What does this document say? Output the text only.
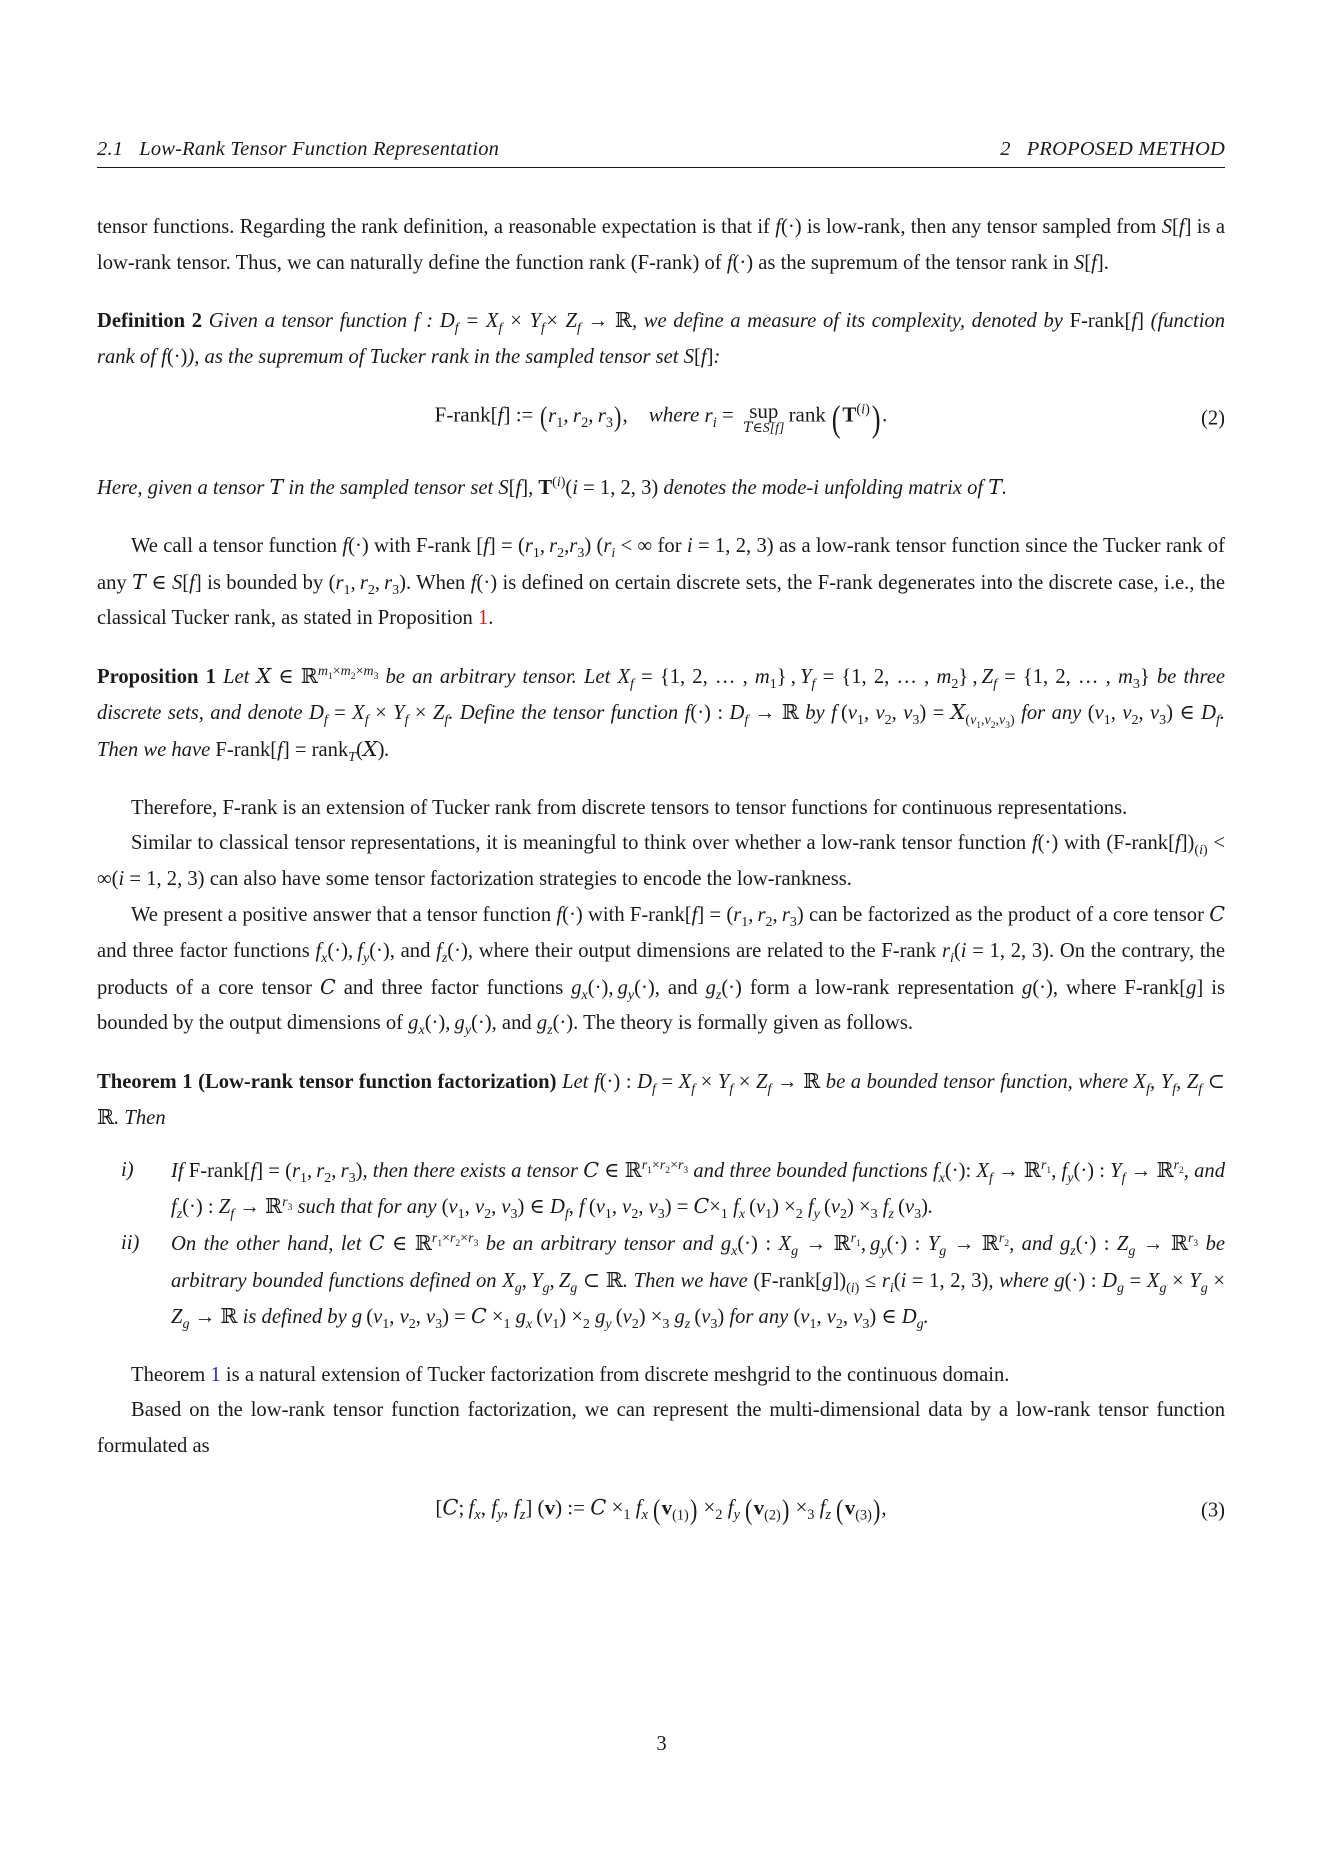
2.1 Low-Rank Tensor Function Representation	2 PROPOSED METHOD

tensor functions. Regarding the rank definition, a reasonable expectation is that if f(·) is low-rank, then any tensor sampled from S[f] is a low-rank tensor. Thus, we can naturally define the function rank (F-rank) of f(·) as the supremum of the tensor rank in S[f].

Definition 2 Given a tensor function f : $D_f = X_f \times Y_f\times Z_f$ → ℝ, we define a measure of its complexity, denoted by F-rank[f] (function rank of f(·)), as the supremum of Tucker rank in the sampled tensor set S[f]:

F-rank[f] := ($r_1$, $r_2$, $r_3$), where $r_i$ =   sup
T∈S[f]
 rank $(T^{(i)})$.	(2)

Here, given a tensor T in the sampled tensor set S[f], $T^{(i)}(i = 1$, 2, 3) denotes the mode-i unfolding matrix of T.

We call a tensor function f(·) with F-rank $[f] = (r_1$, $r_2,r_3$) ($r_i$ < ∞ for i = 1, 2, 3) as a low-rank tensor function since the Tucker rank of any T ∈ S[f] is bounded by ($r_1$, $r_2$, $r_3$). When f(·) is defined on certain discrete sets, the F-rank degenerates into the discrete case, i.e., the classical Tucker rank, as stated in Proposition 1.

Proposition 1 Let X ∈ ℝ$^{m_1\times m_2\times m_3}$ be an arbitrary tensor. Let $X_f = \{1$, 2, … , $m_1$} , $Y_f = \{1$, 2, … , $m_2$} , $Z_f = \{1$, 2, … , $m_3$} be three discrete sets, and denote $D_f = X_f \times Y_f \times Z_f$. Define the tensor function f(·) : $D_f$ → ℝ by f ($v_1$, $v_2$, $v_3) = X_{(v_1,v_2,v_3)}$ for any ($v_1$, $v_2$, $v_3$) ∈ $D_f$. Then we have F-rank[f] = rank$_T$(X).

Therefore, F-rank is an extension of Tucker rank from discrete tensors to tensor functions for continuous representations.

Similar to classical tensor representations, it is meaningful to think over whether a low-rank tensor function f(·) with $(F-rank[f])_{(i)} < \infty(i = 1$, 2, 3) can also have some tensor factorization strategies to encode the low-rankness.

We present a positive answer that a tensor function f(·) with F-rank[f] = ($r_1$, $r_2$, $r_3$) can be factorized as the product of a core tensor C and three factor functions $f_x(\cdot)$, $f_y(\cdot)$, and $f_z(\cdot)$, where their output dimensions are related to the F-rank $r_i(i = 1$, 2, 3). On the contrary, the products of a core tensor C and three factor functions $g_x(\cdot)$, $g_y(\cdot)$, and $g_z(\cdot)$ form a low-rank representation g(·), where F-rank[g] is bounded by the output dimensions of $g_x(\cdot)$, $g_y(\cdot)$, and $g_z(\cdot)$. The theory is formally given as follows.

Theorem 1 (Low-rank tensor function factorization) Let f(·) : $D_f = X_f \times Y_f \times Z_f$ → ℝ be a bounded tensor function, where $X_f$, $Y_f$, $Z_f$ ⊂ ℝ. Then

i)	If F-rank[f] = ($r_1$, $r_2$, $r_3$), then there exists a tensor C ∈ ℝ$^{r_1\times r_2\times r_3}$ and three bounded functions $f_x(\cdot)$: $X_f$ → ℝ$^{r_1}$, $f_y(\cdot)$ : $Y_f$ → ℝ$^{r_2}$, and $f_z(\cdot)$ : $Z_f$ → ℝ$^{r_3}$ such that for any ($v_1$, $v_2$, $v_3$) ∈ $D_f$, f ($v_1$, $v_2$, $v_3) = C\times_1$ $f_x$ $(v_1) \times_2$ $f_y$ $(v_2) \times_3$ $f_z$ $(v_3)$.
ii)	On the other hand, let C ∈ ℝ$^{r_1\times r_2\times r_3}$ be an arbitrary tensor and $g_x(\cdot)$ : $X_g$ → ℝ$^{r_1}$, $g_y(\cdot)$ : $Y_g$ → ℝ$^{r_2}$, and $g_z(\cdot)$ : $Z_g$ → ℝ$^{r_3}$ be arbitrary bounded functions defined on $X_g$, $Y_g$, $Z_g$ ⊂ ℝ. Then we have $(F-rank[g])_{(i)} \le r_i(i = 1$, 2, 3), where g(·) : $D_g = X_g \times Y_g \times Z_g$ → ℝ is defined by g ($v_1$, $v_2$, $v_3) = C \times_1$ $g_x$ $(v_1) \times_2$ $g_y$ $(v_2) \times_3$ $g_z$ $(v_3)$ for any ($v_1$, $v_2$, $v_3$) ∈ $D_g$.

Theorem 1 is a natural extension of Tucker factorization from discrete meshgrid to the continuous domain.

Based on the low-rank tensor function factorization, we can represent the multi-dimensional data by a low-rank tensor function formulated as

[C; $f_x$, $f_y$, $f_z$] (v) := $C \times_1$ $f_x$  $(v_{(1)}) \times_2$ $f_y$  $(v_{(2)}) \times_3$ $f_z$  $(v_{(3)})$,	(3)
3
